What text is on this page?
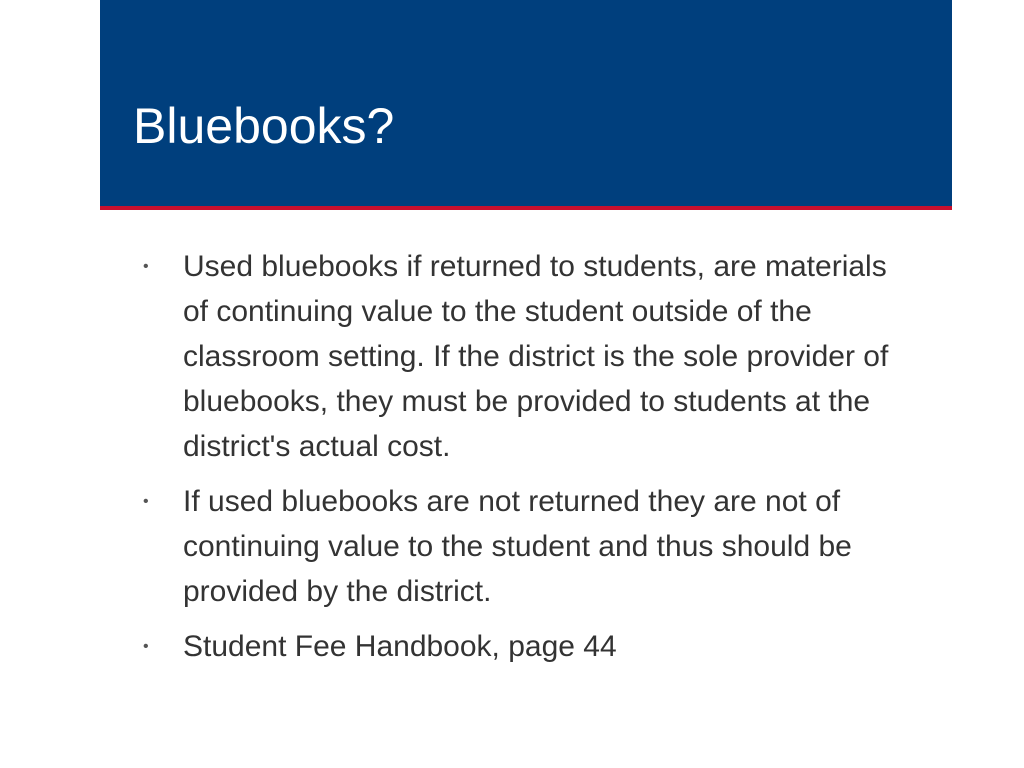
Bluebooks?
• Used bluebooks if returned to students, are materials of continuing value to the student outside of the classroom setting. If the district is the sole provider of bluebooks, they must be provided to students at the district's actual cost.
• If used bluebooks are not returned they are not of continuing value to the student and thus should be provided by the district.
• Student Fee Handbook, page 44
